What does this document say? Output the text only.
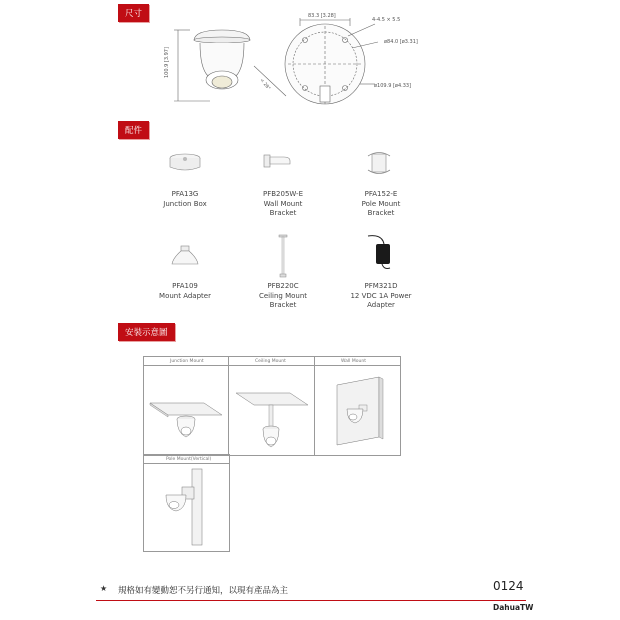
尺寸
配件
安裝示意圖
100.9 [3.97]
< 28°
83.3 [3.28]
4-4.5 × 5.5
ø84.0 [ø3.31]
ø109.9 [ø4.33]
PFA13G
Junction Box
PFB205W-E
Wall Mount
Bracket
PFA152-E
Pole Mount
Bracket
PFA109
Mount Adapter
PFB220C
Ceiling Mount
Bracket
PFM321D
12 VDC 1A Power
Adapter
Junction Mount	Ceiling Mount	Wall Mount
Pole Mount(Vertical)
★ 規格如有變動恕不另行通知，以現有產品為主	0124
DahuaTW
